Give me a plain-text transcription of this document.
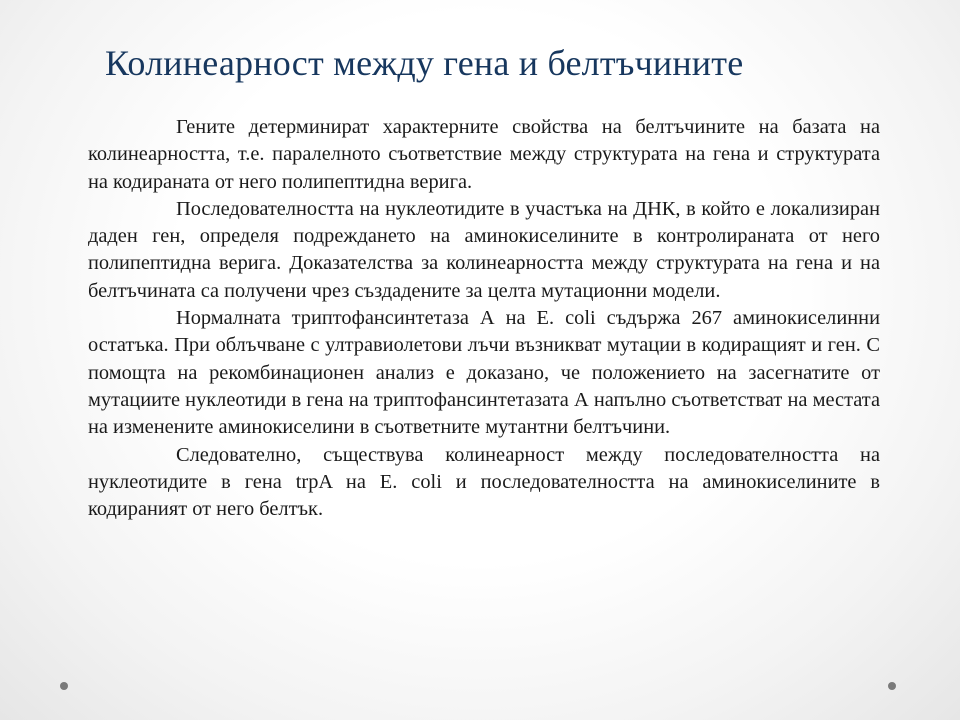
Колинеарност между гена и белтъчините

Гените детерминират характерните свойства на белтъчините на базата на колинеарността, т.е. паралелното съответствие между структурата на гена и структурата на кодираната от него полипептидна верига.

Последователността на нуклеотидите в участъка на ДНК, в който е локализиран даден ген, определя подреждането на аминокиселините в контролираната от него полипептидна верига. Доказателства за колинеарността между структурата на гена и на белтъчината са получени чрез създадените за целта мутационни модели.

Нормалната триптофансинтетаза А на E. coli съдържа 267 аминокиселинни остатъка. При облъчване с ултравиолетови лъчи възникват мутации в кодиращият и ген. С помощта на рекомбинационен анализ е доказано, че положението на засегнатите от мутациите нуклеотиди в гена на триптофансинтетазата А напълно съответстват на местата на изменените аминокиселини в съответните мутантни белтъчини.

Следователно, съществува колинеарност между последователността на нуклеотидите в гена trpA на E. coli и последователността на аминокиселините в кодираният от него белтък.
